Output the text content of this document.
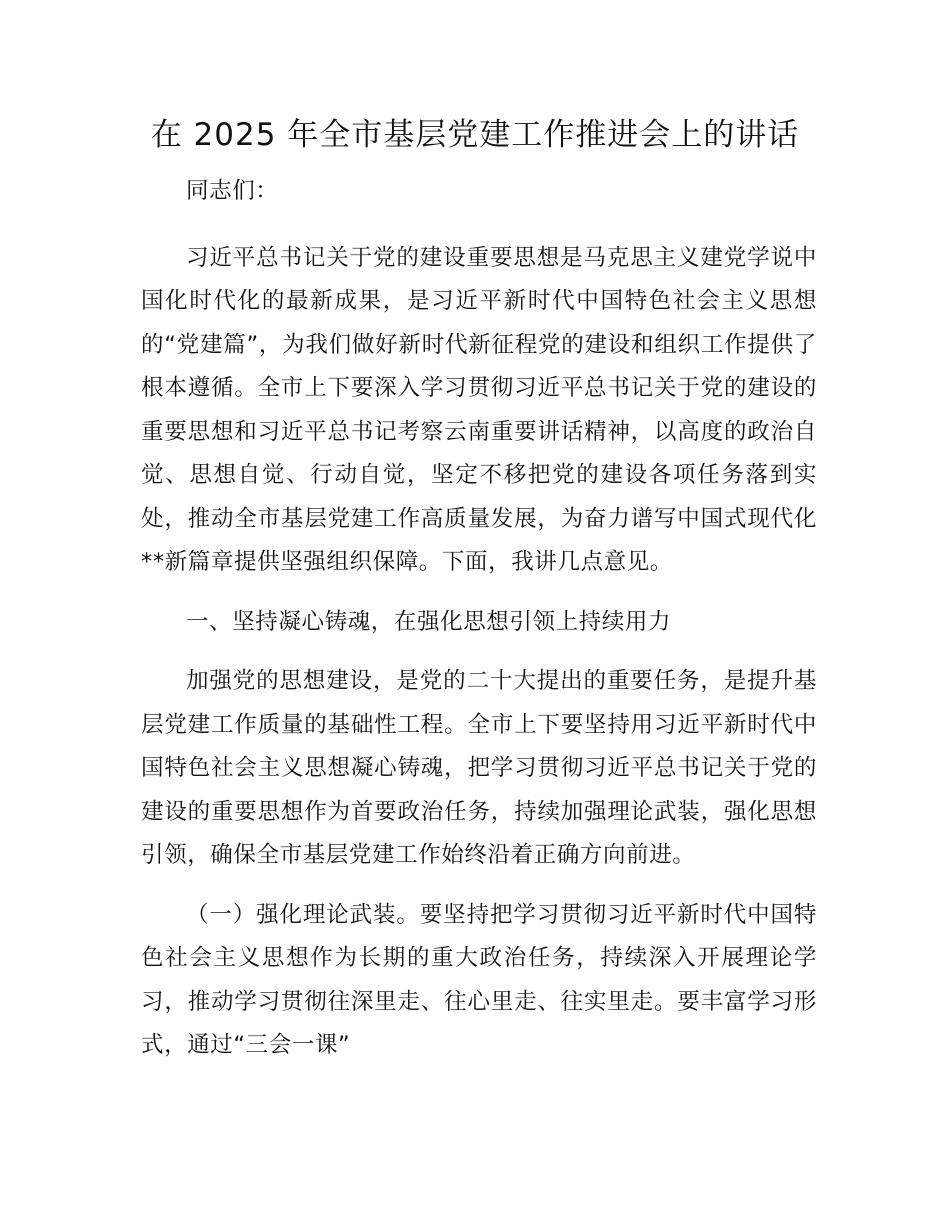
在 2025 年全市基层党建工作推进会上的讲话

同志们：

习近平总书记关于党的建设重要思想是马克思主义建党学说中国化时代化的最新成果，是习近平新时代中国特色社会主义思想的“党建篇”，为我们做好新时代新征程党的建设和组织工作提供了根本遵循。全市上下要深入学习贯彻习近平总书记关于党的建设的重要思想和习近平总书记考察云南重要讲话精神，以高度的政治自觉、思想自觉、行动自觉，坚定不移把党的建设各项任务落到实处，推动全市基层党建工作高质量发展，为奋力谱写中国式现代化**新篇章提供坚强组织保障。下面，我讲几点意见。

一、坚持凝心铸魂，在强化思想引领上持续用力

加强党的思想建设，是党的二十大提出的重要任务，是提升基层党建工作质量的基础性工程。全市上下要坚持用习近平新时代中国特色社会主义思想凝心铸魂，把学习贯彻习近平总书记关于党的建设的重要思想作为首要政治任务，持续加强理论武装，强化思想引领，确保全市基层党建工作始终沿着正确方向前进。

（一）强化理论武装。要坚持把学习贯彻习近平新时代中国特色社会主义思想作为长期的重大政治任务，持续深入开展理论学习，推动学习贯彻往深里走、往心里走、往实里走。要丰富学习形式，通过“三会一课”
